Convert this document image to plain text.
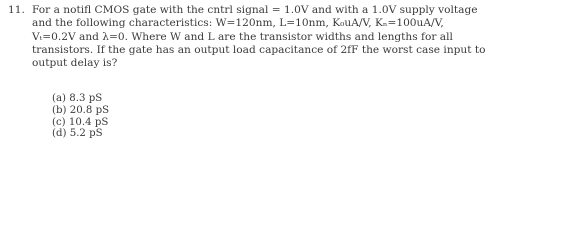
11. For a notifl CMOS gate with the cntrl signal = 1.0V and with a 1.0V supply voltage
and the following characteristics: W=120nm, L=10nm, K₀uA/V, Kₙ=100uA/V,
Vₜ=0.2V and λ=0. Where W and L are the transistor widths and lengths for all
transistors. If the gate has an output load capacitance of 2fF the worst case input to
output delay is?
(a) 8.3 pS
(b) 20.8 pS
(c) 10.4 pS
(d) 5.2 pS
